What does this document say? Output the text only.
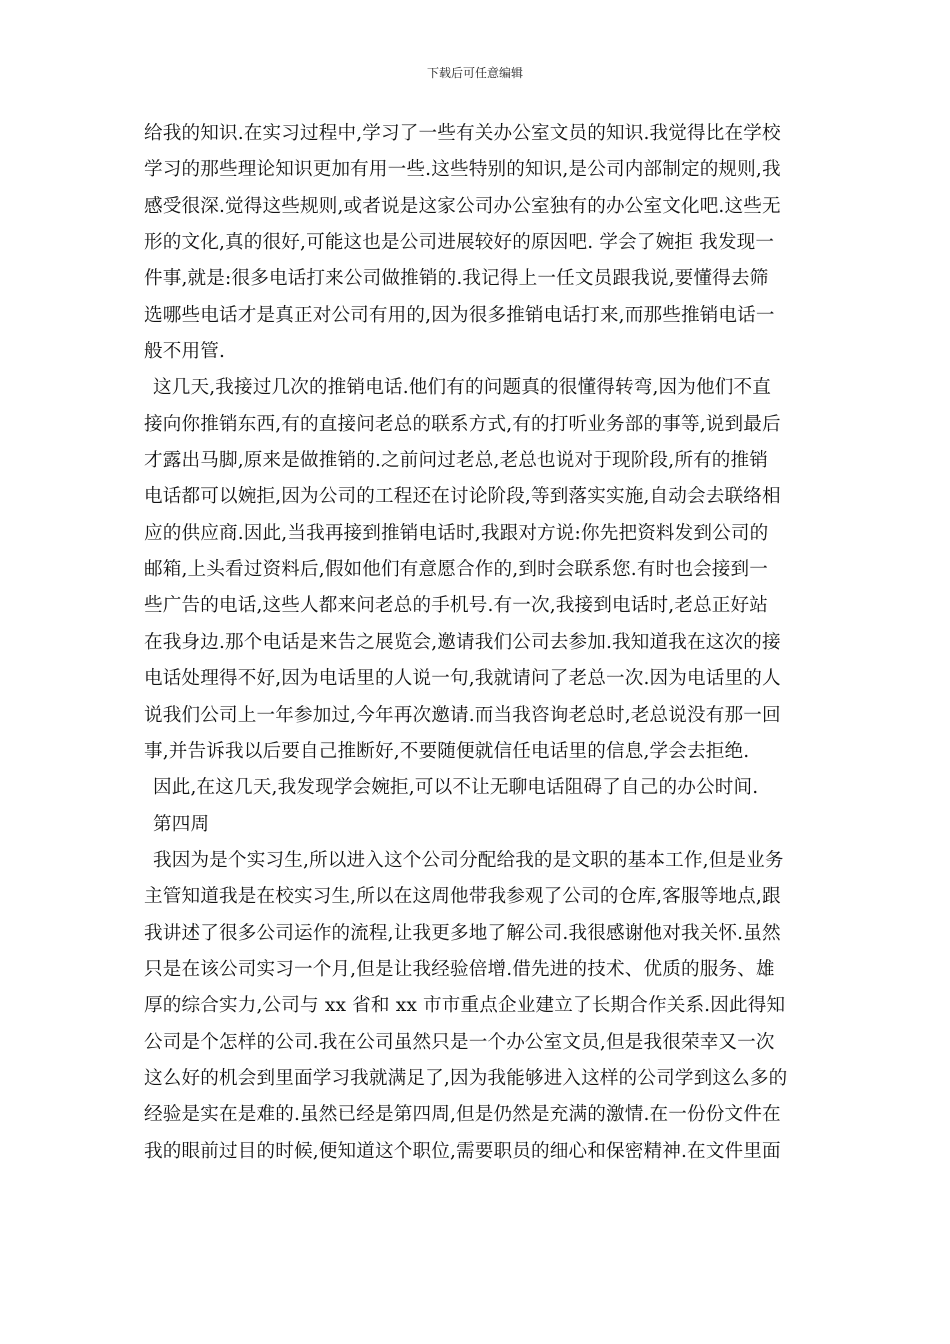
下载后可任意编辑
给我的知识.在实习过程中,学习了一些有关办公室文员的知识.我觉得比在学校
学习的那些理论知识更加有用一些.这些特别的知识,是公司内部制定的规则,我
感受很深.觉得这些规则,或者说是这家公司办公室独有的办公室文化吧.这些无
形的文化,真的很好,可能这也是公司进展较好的原因吧. 学会了婉拒 我发现一
件事,就是:很多电话打来公司做推销的.我记得上一任文员跟我说,要懂得去筛
选哪些电话才是真正对公司有用的,因为很多推销电话打来,而那些推销电话一
般不用管.
这几天,我接过几次的推销电话.他们有的问题真的很懂得转弯,因为他们不直
接向你推销东西,有的直接问老总的联系方式,有的打听业务部的事等,说到最后
才露出马脚,原来是做推销的.之前问过老总,老总也说对于现阶段,所有的推销
电话都可以婉拒,因为公司的工程还在讨论阶段,等到落实实施,自动会去联络相
应的供应商.因此,当我再接到推销电话时,我跟对方说:你先把资料发到公司的
邮箱,上头看过资料后,假如他们有意愿合作的,到时会联系您.有时也会接到一
些广告的电话,这些人都来问老总的手机号.有一次,我接到电话时,老总正好站
在我身边.那个电话是来告之展览会,邀请我们公司去参加.我知道我在这次的接
电话处理得不好,因为电话里的人说一句,我就请问了老总一次.因为电话里的人
说我们公司上一年参加过,今年再次邀请.而当我咨询老总时,老总说没有那一回
事,并告诉我以后要自己推断好,不要随便就信任电话里的信息,学会去拒绝.
因此,在这几天,我发现学会婉拒,可以不让无聊电话阻碍了自己的办公时间.
第四周
我因为是个实习生,所以进入这个公司分配给我的是文职的基本工作,但是业务
主管知道我是在校实习生,所以在这周他带我参观了公司的仓库,客服等地点,跟
我讲述了很多公司运作的流程,让我更多地了解公司.我很感谢他对我关怀.虽然
只是在该公司实习一个月,但是让我经验倍增.借先进的技术、优质的服务、雄
厚的综合实力,公司与 xx 省和 xx 市市重点企业建立了长期合作关系.因此得知
公司是个怎样的公司.我在公司虽然只是一个办公室文员,但是我很荣幸又一次
这么好的机会到里面学习我就满足了,因为我能够进入这样的公司学到这么多的
经验是实在是难的.虽然已经是第四周,但是仍然是充满的激情.在一份份文件在
我的眼前过目的时候,便知道这个职位,需要职员的细心和保密精神.在文件里面
